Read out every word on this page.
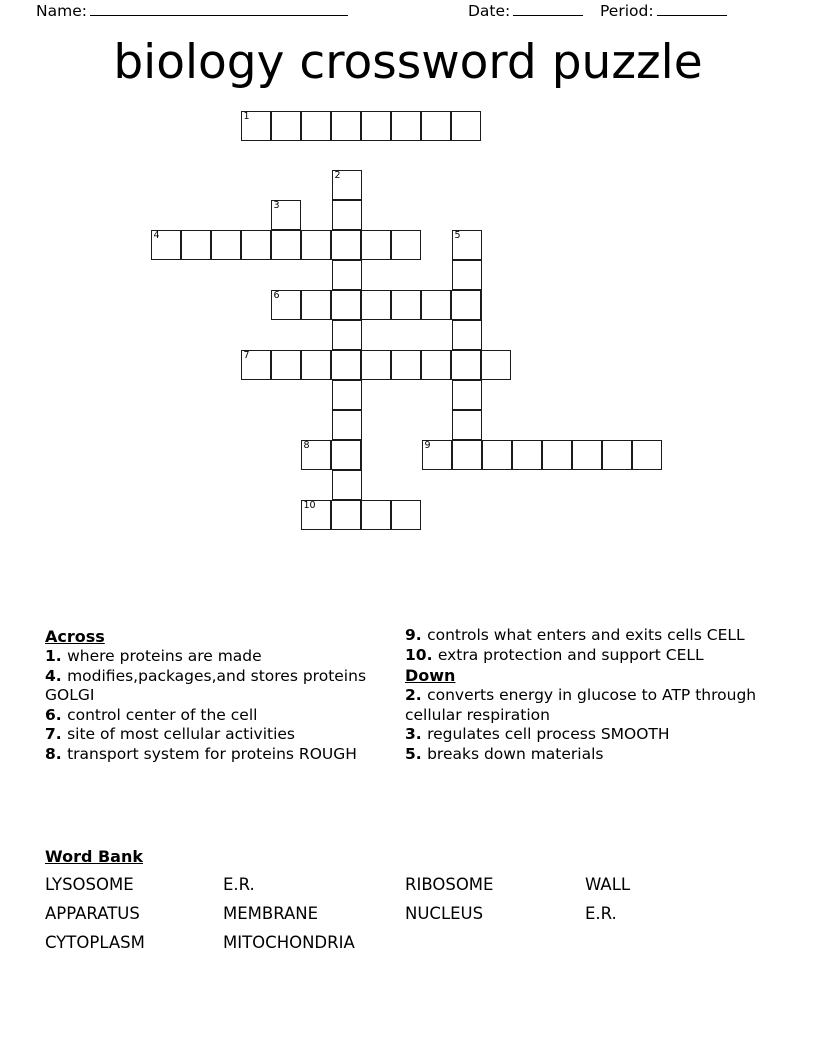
Name:	Date:	Period:
biology crossword puzzle
1
2
3
4	5
6
7
8	9
10
Across

1. where proteins are made

4. modifies,packages,and stores proteins GOLGI

6. control center of the cell

7. site of most cellular activities

8. transport system for proteins ROUGH

9. controls what enters and exits cells CELL

10. extra protection and support CELL

Down

2. converts energy in glucose to ATP through cellular respiration

3. regulates cell process SMOOTH

5. breaks down materials

Word Bank
LYSOSOME	E.R.	RIBOSOME	WALL
APPARATUS	MEMBRANE	NUCLEUS	E.R.
CYTOPLASM	MITOCHONDRIA
